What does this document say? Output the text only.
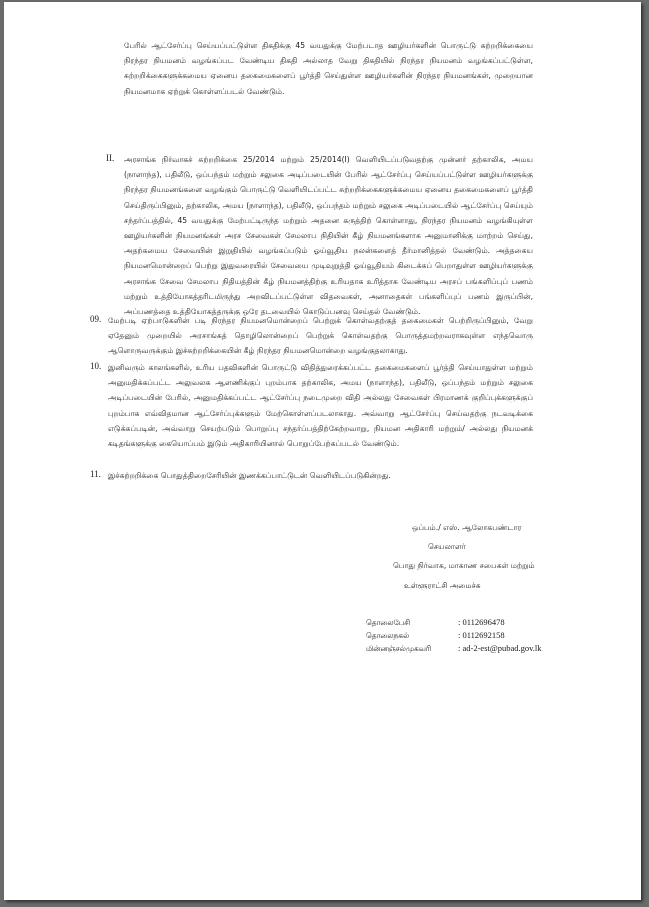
பேரில் ஆட்சேர்ப்பு செய்யப்பட்டுள்ள திகதிக்கு 45 வயதுக்கு மேற்படாத ஊழியர்களின் பொருட்டு சுற்றறிக்கையை நிரந்தர நியமனம் வழங்கப்பட வேண்டிய திகதி அல்லாத வேறு திகதியில் நிரந்தர நியமனம் வழங்கப்பட்டுள்ள, சுற்றறிக்கைகளுக்கமைய ஏனைய தகைமைகளைப் பூர்த்தி செய்துள்ள ஊழியர்களின் நிரந்தர நியமனங்கள், முறையான நியமனமாக ஏற்றுக் கொள்ளப்படல் வேண்டும்.
II. அரசாங்க நிர்வாகச் சுற்றறிக்கை 25/2014 மற்றும் 25/2014(I) வெளியிடப்படுவதற்கு முன்னர் தற்காலிக, அமய (நாளாந்த), பதிலீடு, ஒப்பந்தம் மற்றும் சலுகை அடிப்படையின் பேரில் ஆட்சேர்ப்பு செய்யப்பட்டுள்ள ஊழியர்களுக்கு நிரந்தர நியமனங்களை வழங்கும் பொருட்டு வெளியிடப்பட்ட சுற்றறிக்கைகளுக்கமைய ஏனைய தகைமைகளைப் பூர்த்தி செய்திருப்பினும், தற்காலிக, அமய (நாளாந்த), பதிலீடு, ஒப்பந்தம் மற்றும் சலுகை அடிப்படையில் ஆட்சேர்ப்பு செய்யும் சந்தர்ப்பத்தில், 45 வயதுக்கு மேற்பட்டிருந்த மற்றும் அதனை கருத்திற் கொள்ளாது, நிரந்தர நியமனம் வழங்கியுள்ள ஊழியர்களின் நியமனங்கள் அரச சேவைகள் சேமலாப நிதியின் கீழ் நியமனங்களாக அனுமானிக்கு மாற்றம் செய்து, அதற்கமைய சேவையின் இறுதியில் வழங்கப்படும் ஓய்வூதிய நலன்களைத் தீர்மானித்தல் வேண்டும். அத்தகைய நியமனமொன்றைப் பெற்று இதுவரையில் சேவையை முடிவுறுத்தி ஓய்வூதியம் கிடைக்கப் பெறாதுள்ள ஊழியர்களுக்கு அரசாங்க சேவை சேமலாப நிதியத்தின் கீழ் நியமனத்திற்கு உரியதாக உரித்தாக வேண்டிய அரசப் பங்களிப்புப் பணம் மற்றும் உத்தியோகத்தரிடமிருந்து அறவிடப்பட்டுள்ள விதவைகள், அனாதைகள் பங்களிப்புப் பணம் இருப்பின், அப்பணத்தை உத்தியோகத்தருக்கு ஒரே தடவையில் கொடுப்பனவு செய்தல் வேண்டும்.
09. மேற்படி ஏற்பாடுகளின் படி நிரந்தர நியமனமொன்றைப் பெற்றுக் கொள்வதற்குத் தகைமைகள் பெற்றிருப்பினும், வேறு ஏதேனும் முறையில் அரசாங்கத் தொழிலொன்றைப் பெற்றுக் கொள்வதற்கு பொருத்தமற்றவராகவுள்ள எந்தவொரு ஆளொருவருக்கும் இச்சுற்றறிக்கையின் கீழ் நிரந்தர நியமனமொன்றை வழங்குதலாகாது.
10. இனிவரும் காலங்களில், உரிய பதவிகளின் பொருட்டு விதித்துரைக்கப்பட்ட தகைமைகளைப் பூர்த்தி செய்யாதுள்ள மற்றும் அனுமதிக்கப்பட்ட அலுவலக ஆளணிக்குப் புறம்பாக தற்காலிக, அமய (நாளாந்த), பதிலீடு, ஒப்பந்தம் மற்றும் சலுகை அடிப்படையின் பேரில், அனுமதிக்கப்பட்ட ஆட்சேர்ப்பு நடைமுறை விதி அல்லது சேவைகள் பிரமாணக் குறிப்புக்களுக்குப் புறம்பாக எவ்விதமான ஆட்சேர்ப்புக்களும் மேற்கொள்ளப்படலாகாது. அவ்வாறு ஆட்சேர்ப்பு செய்வதற்கு நடவடிக்கை எடுக்கப்படின், அவ்வாறு செயற்படும் பொறுப்பு சந்தர்ப்பத்திற்கேற்றவாறு, நியமன அதிகாரி மற்றும்/ அல்லது நியமனக் கடிதங்களுக்கு கையொப்பம் இடும் அதிகாரியினால் பொறுப்பேற்கப்படல் வேண்டும்.
11. இச்சுற்றறிக்கை பொதுத்திறைசேரியின் இணக்கப்பாட்டுடன் வெளியிடப்படுகின்றது.
ஒப்பம்./ எஸ். ஆலோகபண்டார
செயலாளர்
பொது நிர்வாக, மாகாண சபைகள் மற்றும்
உள்ளூராட்சி அமைச்சு
தொலைபேசி	: 0112696478
தொலைநகல்	: 0112692158
மின்னஞ்சல்முகவரி	: ad-2-est@pubad.gov.lk
